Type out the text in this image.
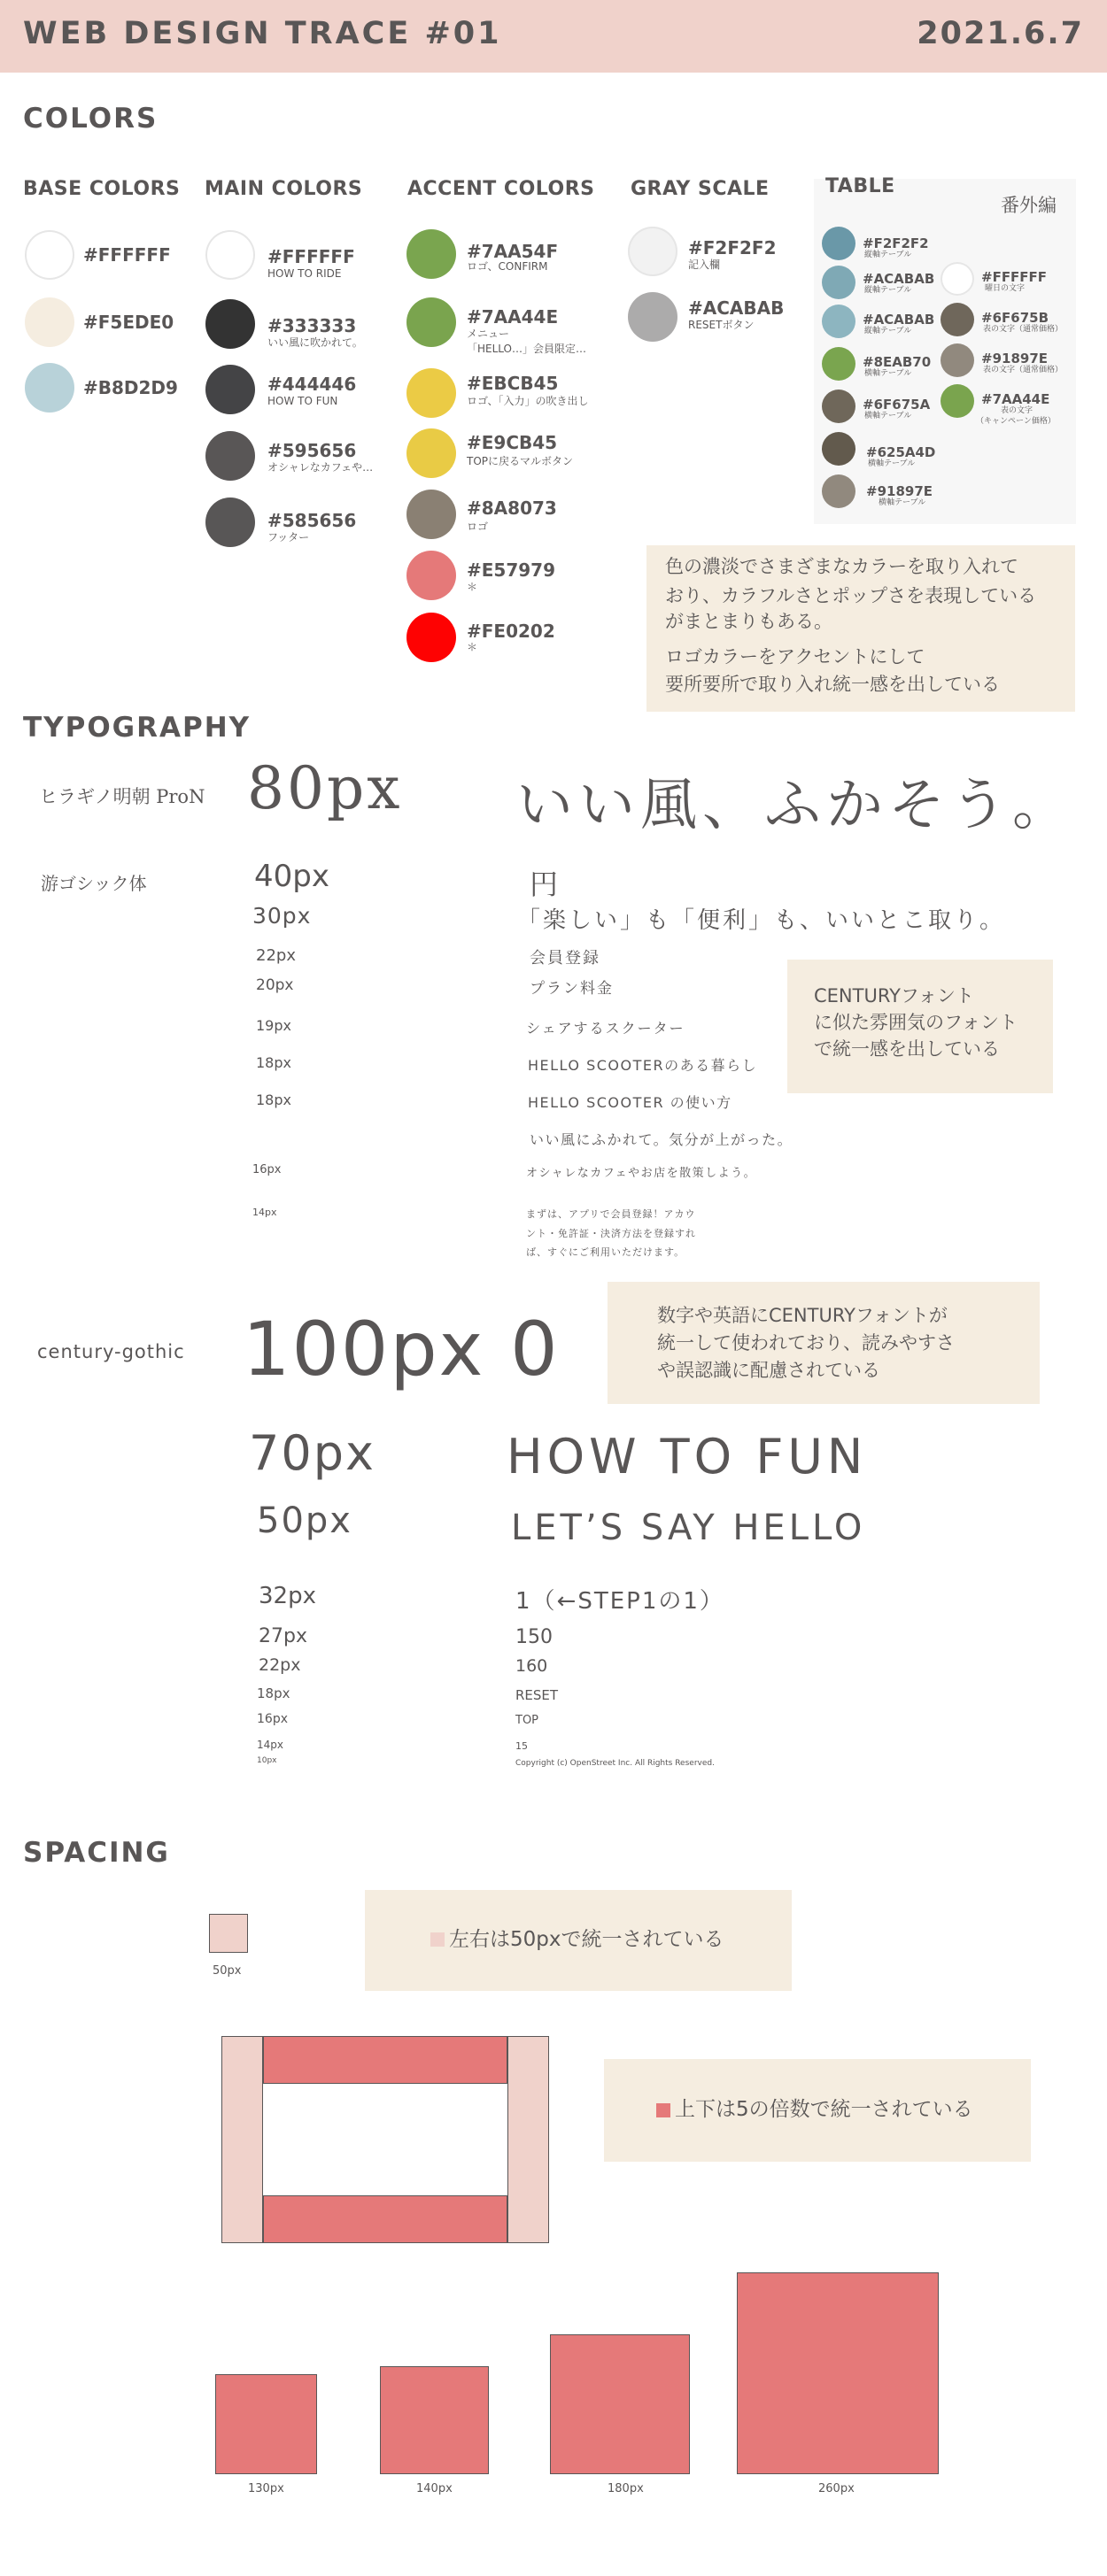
WEB DESIGN TRACE #01	2021.6.7
COLORS
BASE COLORS MAIN COLORS ACCENT COLORS GRAY SCALE
#FFFFFF
#F5EDE0
#B8D2D9
#FFFFFF
HOW TO RIDE
#333333
いい風に吹かれて。
#444446
HOW TO FUN
#595656
オシャレなカフェや…
#585656
フッター
#7AA54F
ロゴ、CONFIRM
#7AA44E
メニュー
「HELLO…」会員限定…
#EBCB45
ロゴ、「入力」の吹き出し
#E9CB45
TOPに戻るマルボタン
#8A8073
ロゴ
#E57979
＊
#FE0202
＊
#F2F2F2
記入欄
#ACABAB
RESETボタン
TABLE
番外編
#F2F2F2
縦軸テーブル
#ACABAB
縦軸テーブル
#ACABAB
縦軸テーブル
#8EAB70
横軸テーブル
#6F675A
横軸テーブル
#625A4D
横軸テーブル
#91897E
横軸テーブル
#FFFFFF
曜日の文字
#6F675B
表の文字（通常価格）
#91897E
表の文字（通常価格）
#7AA44E
表の文字
（キャンペーン価格）
色の濃淡でさまざまなカラーを取り入れて
おり、カラフルさとポップさを表現している
がまとまりもある。
ロゴカラーをアクセントにして
要所要所で取り入れ統一感を出している
TYPOGRAPHY
ヒラギノ明朝 ProN 80px いい風、ふかそう。
游ゴシック体	40px	円
30px	「楽しい」も「便利」も、いいとこ取り。
22px	会員登録
20px	プラン料金
19px	シェアするスクーター
18px	HELLO SCOOTERのある暮らし
18px	HELLO SCOOTER の使い方
いい風にふかれて。気分が上がった。
16px	オシャレなカフェやお店を散策しよう。
14px	まずは、アプリで会員登録！アカウ
ント・免許証・決済方法を登録すれ
ば、すぐにご利用いただけます。
CENTURYフォント
に似た雰囲気のフォント
で統一感を出している
century-gothic 100px 0	数字や英語にCENTURYフォントが
統一して使われており、読みやすさ
や誤認識に配慮されている
70px	HOW TO FUN
50px	LET’S SAY HELLO
32px	1（←STEP1の1）
27px	150
22px	160
18px	RESET
16px	TOP
14px	15
10px	Copyright (c) OpenStreet Inc. All Rights Reserved.
SPACING
50px
左右は50pxで統一されている
上下は5の倍数で統一されている
130px	140px	180px	260px
